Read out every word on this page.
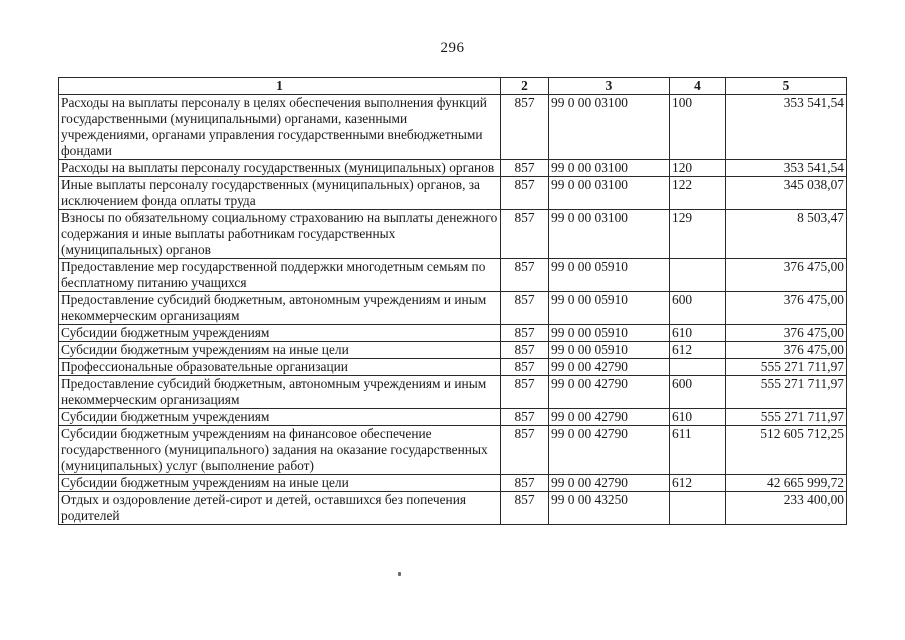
296
1	2	3	4	5
Расходы на выплаты персоналу в целях обеспечения выполнения функций государственными (муниципальными) органами, казенными учреждениями, органами управления государственными внебюджетными фондами	857	99 0 00 03100	100	353 541,54
Расходы на выплаты персоналу государственных (муниципальных) органов	857	99 0 00 03100	120	353 541,54
Иные выплаты персоналу государственных (муниципальных) органов, за исключением фонда оплаты труда	857	99 0 00 03100	122	345 038,07
Взносы по обязательному социальному страхованию на выплаты денежного содержания и иные выплаты работникам государственных (муниципальных) органов	857	99 0 00 03100	129	8 503,47
Предоставление мер государственной поддержки многодетным семьям по бесплатному питанию учащихся	857	99 0 00 05910		376 475,00
Предоставление субсидий бюджетным, автономным учреждениям и иным некоммерческим организациям	857	99 0 00 05910	600	376 475,00
Субсидии бюджетным учреждениям	857	99 0 00 05910	610	376 475,00
Субсидии бюджетным учреждениям на иные цели	857	99 0 00 05910	612	376 475,00
Профессиональные образовательные организации	857	99 0 00 42790		555 271 711,97
Предоставление субсидий бюджетным, автономным учреждениям и иным некоммерческим организациям	857	99 0 00 42790	600	555 271 711,97
Субсидии бюджетным учреждениям	857	99 0 00 42790	610	555 271 711,97
Субсидии бюджетным учреждениям на финансовое обеспечение государственного (муниципального) задания на оказание государственных (муниципальных) услуг (выполнение работ)	857	99 0 00 42790	611	512 605 712,25
Субсидии бюджетным учреждениям на иные цели	857	99 0 00 42790	612	42 665 999,72
Отдых и оздоровление детей-сирот и детей, оставшихся без попечения родителей	857	99 0 00 43250		233 400,00
